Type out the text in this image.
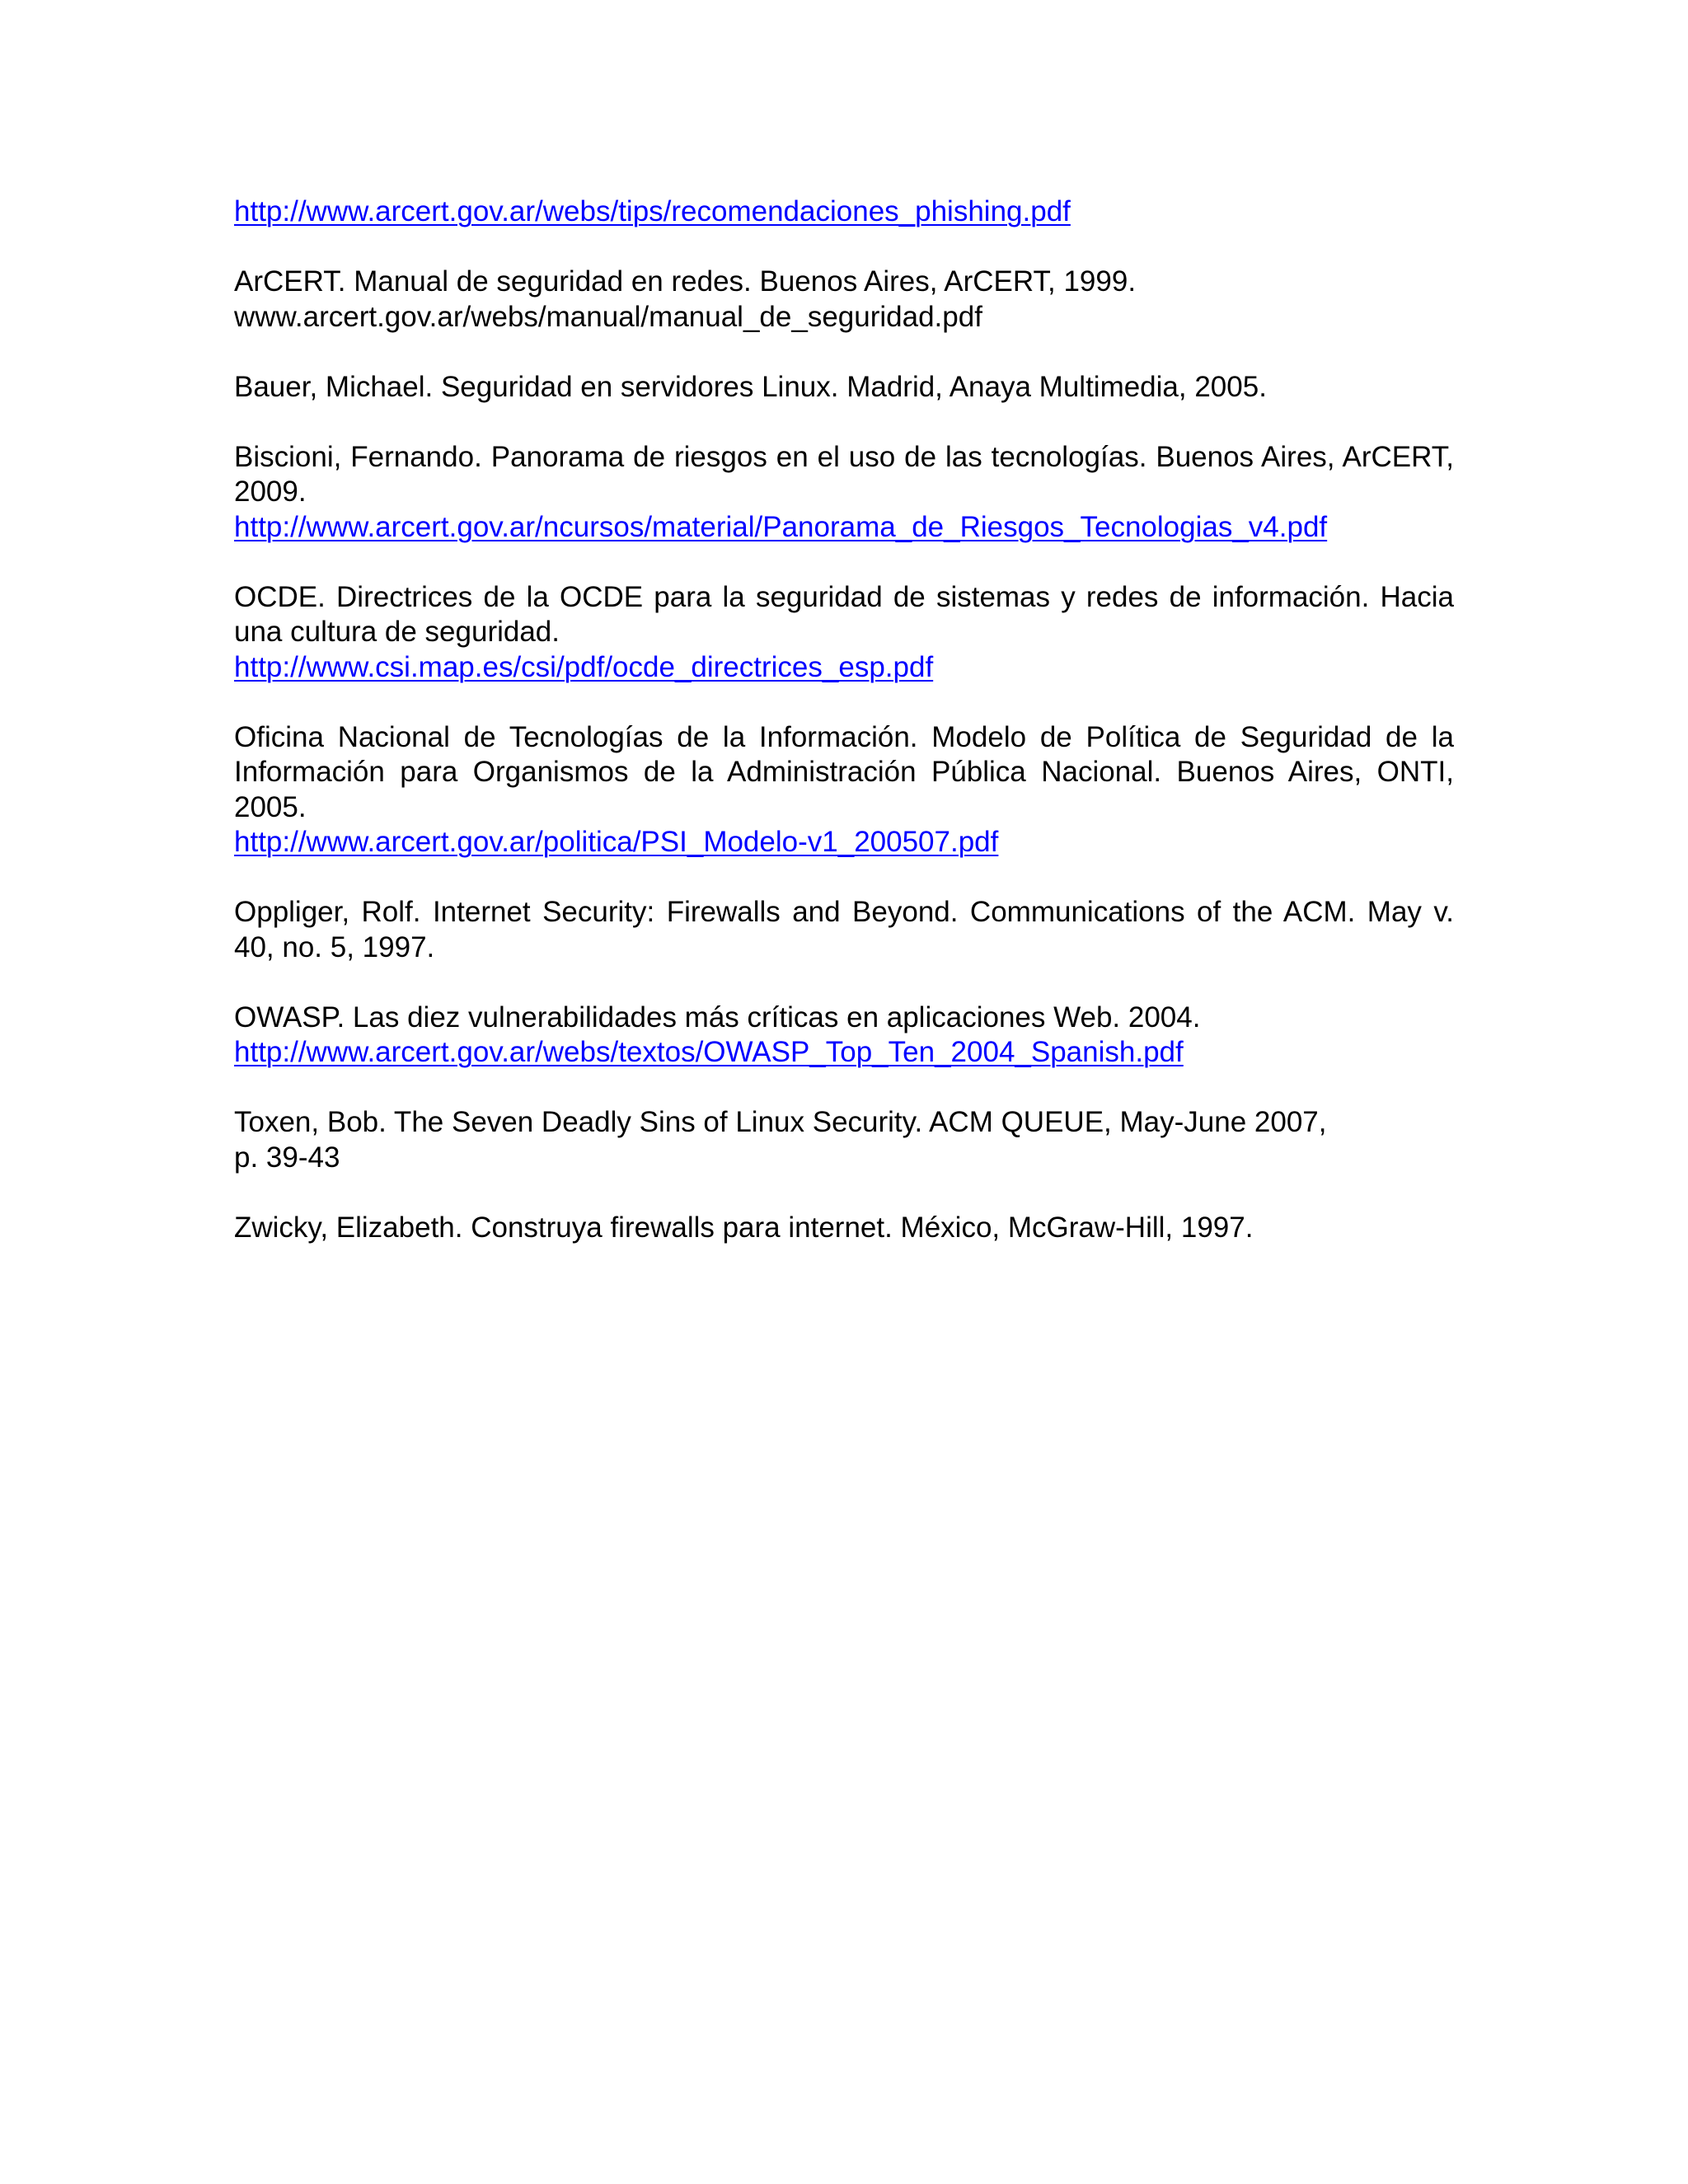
http://www.arcert.gov.ar/webs/tips/recomendaciones_phishing.pdf
ArCERT. Manual de seguridad en redes. Buenos Aires, ArCERT, 1999.
www.arcert.gov.ar/webs/manual/manual_de_seguridad.pdf
Bauer, Michael. Seguridad en servidores Linux. Madrid, Anaya Multimedia, 2005.
Biscioni, Fernando. Panorama de riesgos en el uso de las tecnologías. Buenos Aires, ArCERT, 2009.
http://www.arcert.gov.ar/ncursos/material/Panorama_de_Riesgos_Tecnologias_v4.pdf
OCDE. Directrices de la OCDE para la seguridad de sistemas y redes de información. Hacia una cultura de seguridad.
http://www.csi.map.es/csi/pdf/ocde_directrices_esp.pdf
Oficina Nacional de Tecnologías de la Información. Modelo de Política de Seguridad de la Información para Organismos de la Administración Pública Nacional. Buenos Aires, ONTI, 2005.
http://www.arcert.gov.ar/politica/PSI_Modelo-v1_200507.pdf
Oppliger, Rolf. Internet Security: Firewalls and Beyond. Communications of the ACM. May v. 40, no. 5, 1997.
OWASP. Las diez vulnerabilidades más críticas en aplicaciones Web. 2004.
http://www.arcert.gov.ar/webs/textos/OWASP_Top_Ten_2004_Spanish.pdf
Toxen, Bob. The Seven Deadly Sins of Linux Security. ACM QUEUE, May-June 2007,
p. 39-43
Zwicky, Elizabeth. Construya firewalls para internet. México, McGraw-Hill, 1997.
